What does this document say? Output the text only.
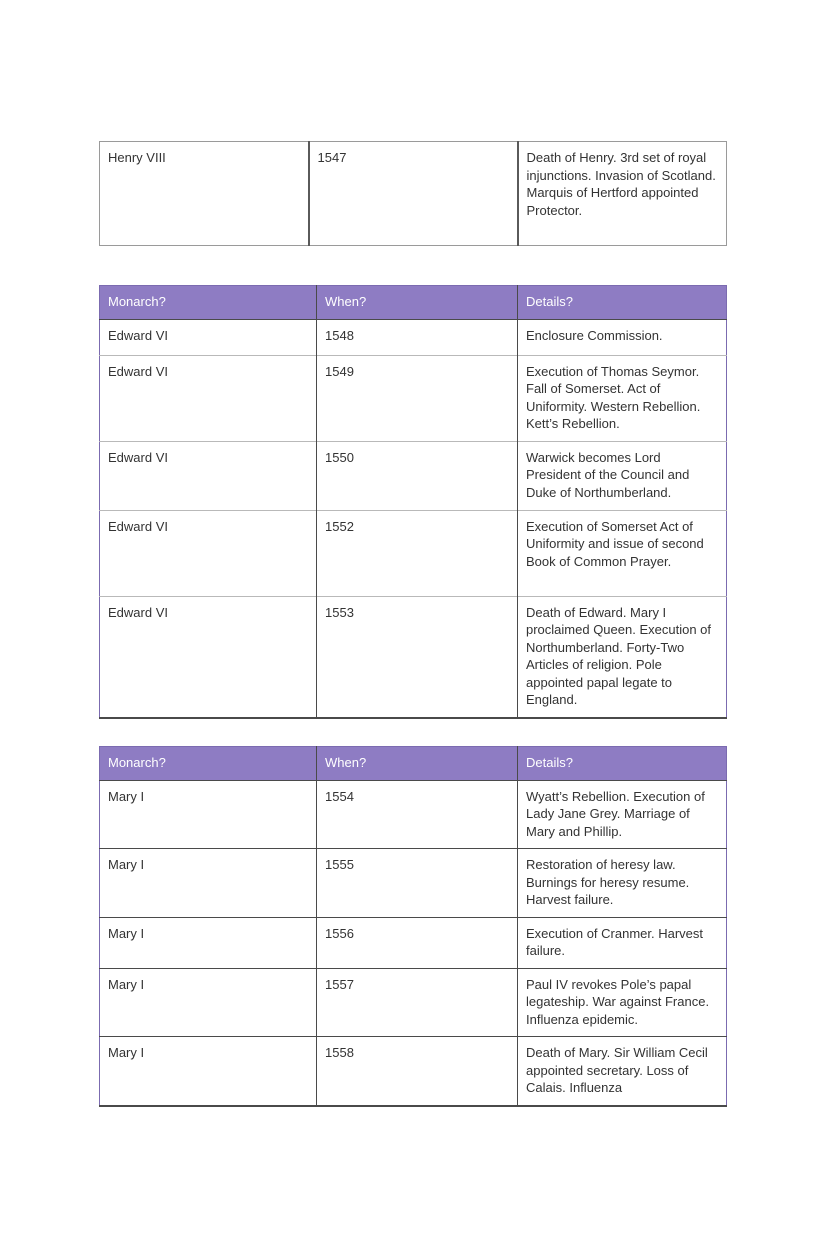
Henry VIII	1547	Death of Henry. 3rd set of royal injunctions. Invasion of Scotland. Marquis of Hertford appointed Protector.
Monarch?	When?	Details?
Edward VI	1548	Enclosure Commission.
Edward VI	1549	Execution of Thomas Seymor. Fall of Somerset. Act of Uniformity. Western Rebellion. Kett’s Rebellion.
Edward VI	1550	Warwick becomes Lord President of the Council and Duke of Northumberland.
Edward VI	1552	Execution of Somerset Act of Uniformity and issue of second Book of Common Prayer.
Edward VI	1553	Death of Edward. Mary I proclaimed Queen. Execution of Northumberland. Forty-Two Articles of religion. Pole appointed papal legate to England.
Monarch?	When?	Details?
Mary I	1554	Wyatt’s Rebellion. Execution of Lady Jane Grey. Marriage of Mary and Phillip.
Mary I	1555	Restoration of heresy law. Burnings for heresy resume. Harvest failure.
Mary I	1556	Execution of Cranmer. Harvest failure.
Mary I	1557	Paul IV revokes Pole’s papal legateship. War against France. Influenza epidemic.
Mary I	1558	Death of Mary. Sir William Cecil appointed secretary. Loss of Calais. Influenza
